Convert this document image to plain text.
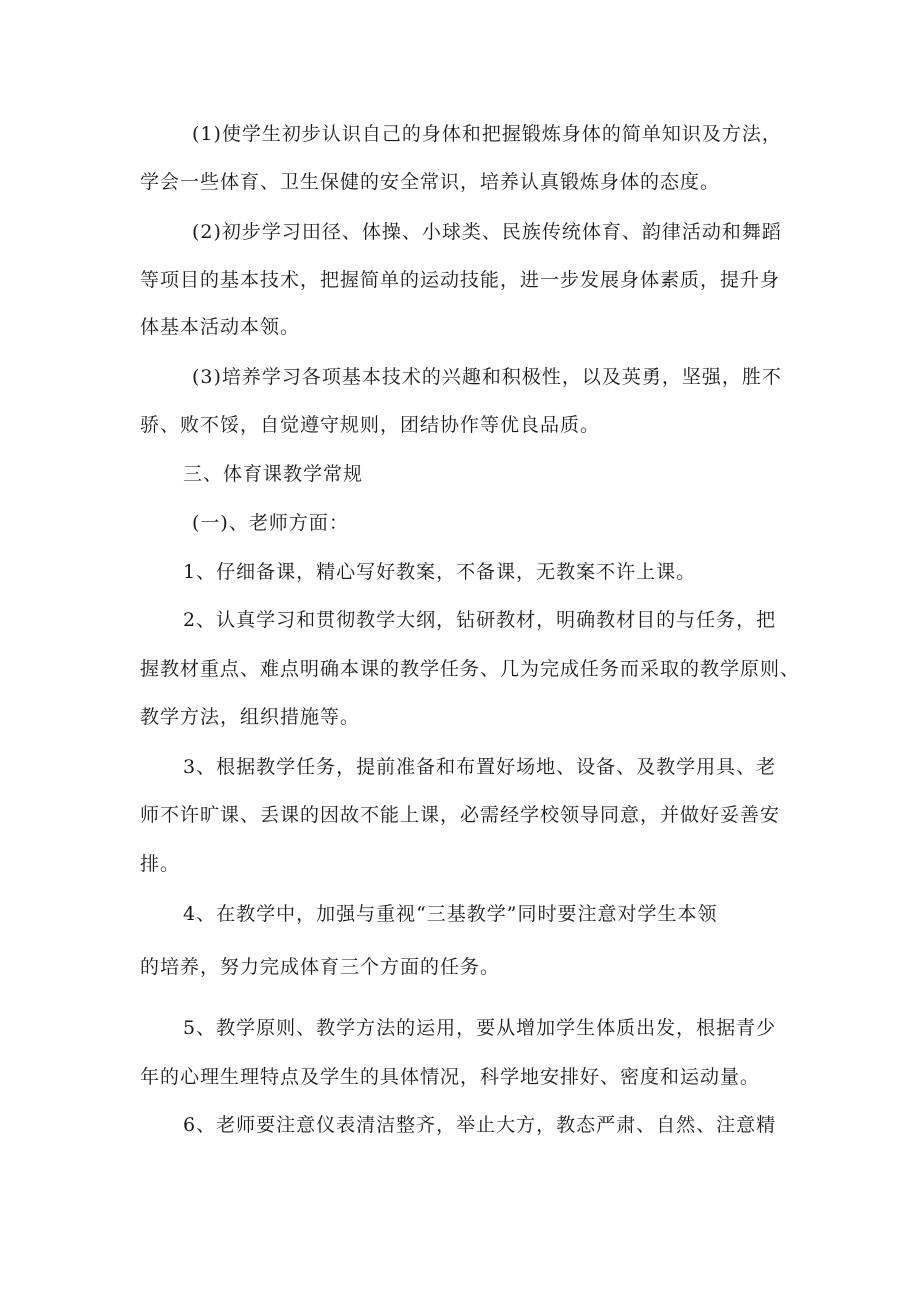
(1)使学生初步认识自己的身体和把握锻炼身体的简单知识及方法，

学会一些体育、卫生保健的安全常识，培养认真锻炼身体的态度。

(2)初步学习田径、体操、小球类、民族传统体育、韵律活动和舞蹈

等项目的基本技术，把握简单的运动技能，进一步发展身体素质，提升身

体基本活动本领。

(3)培养学习各项基本技术的兴趣和积极性，以及英勇，坚强，胜不

骄、败不馁，自觉遵守规则，团结协作等优良品质。

三、体育课教学常规

(一)、老师方面：

1、仔细备课，精心写好教案，不备课，无教案不许上课。

2、认真学习和贯彻教学大纲，钻研教材，明确教材目的与任务，把

握教材重点、难点明确本课的教学任务、几为完成任务而采取的教学原则、

教学方法，组织措施等。

3、根据教学任务，提前准备和布置好场地、设备、及教学用具、老

师不许旷课、丢课的因故不能上课，必需经学校领导同意，并做好妥善安

排。

4、在教学中，加强与重视“三基教学”同时要注意对学生本领

的培养，努力完成体育三个方面的任务。

5、教学原则、教学方法的运用，要从增加学生体质出发，根据青少

年的心理生理特点及学生的具体情况，科学地安排好、密度和运动量。

6、老师要注意仪表清洁整齐，举止大方，教态严肃、自然、注意精
